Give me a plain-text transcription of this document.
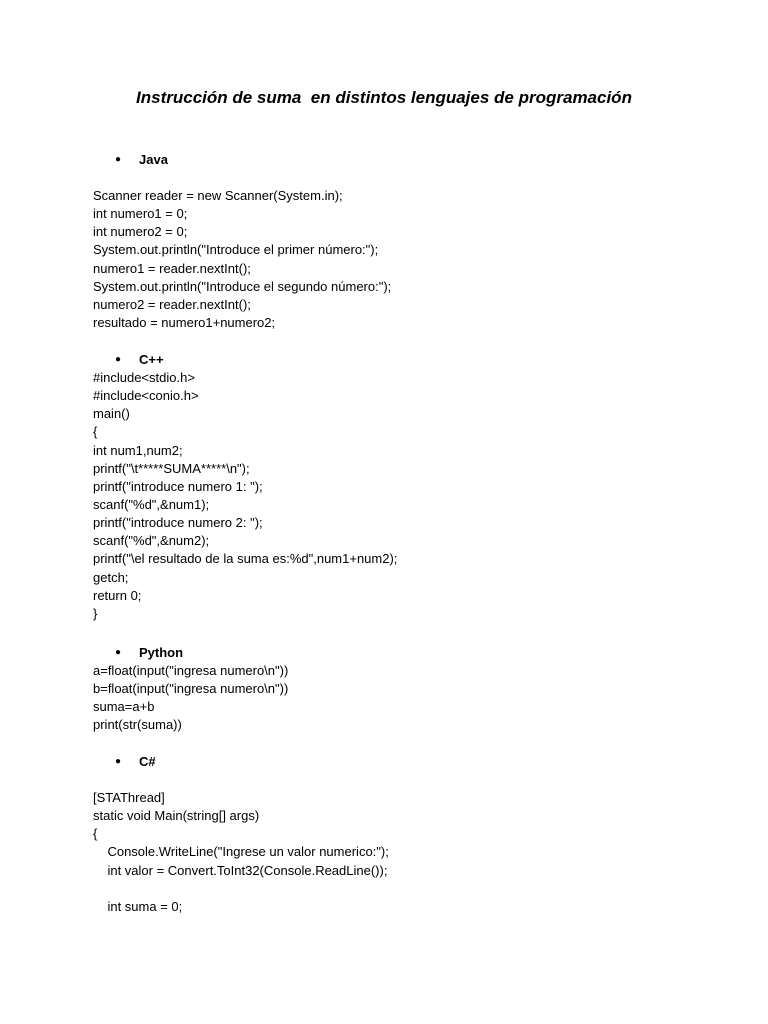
Instrucción de suma  en distintos lenguajes de programación
● Java
Scanner reader = new Scanner(System.in);
int numero1 = 0;
int numero2 = 0;
System.out.println("Introduce el primer número:");
numero1 = reader.nextInt();
System.out.println("Introduce el segundo número:");
numero2 = reader.nextInt();
resultado = numero1+numero2;
● C++
#include<stdio.h>
#include<conio.h>
main()
{
int num1,num2;
printf("\t*****SUMA*****\n");
printf("introduce numero 1: ");
scanf("%d",&num1);
printf("introduce numero 2: ");
scanf("%d",&num2);
printf("\el resultado de la suma es:%d",num1+num2);
getch;
return 0;
}
● Python
a=float(input("ingresa numero\n"))
b=float(input("ingresa numero\n"))
suma=a+b
print(str(suma))
● C#
[STAThread]
static void Main(string[] args)
{
Console.WriteLine("Ingrese un valor numerico:");
int valor = Convert.ToInt32(Console.ReadLine());
int suma = 0;
